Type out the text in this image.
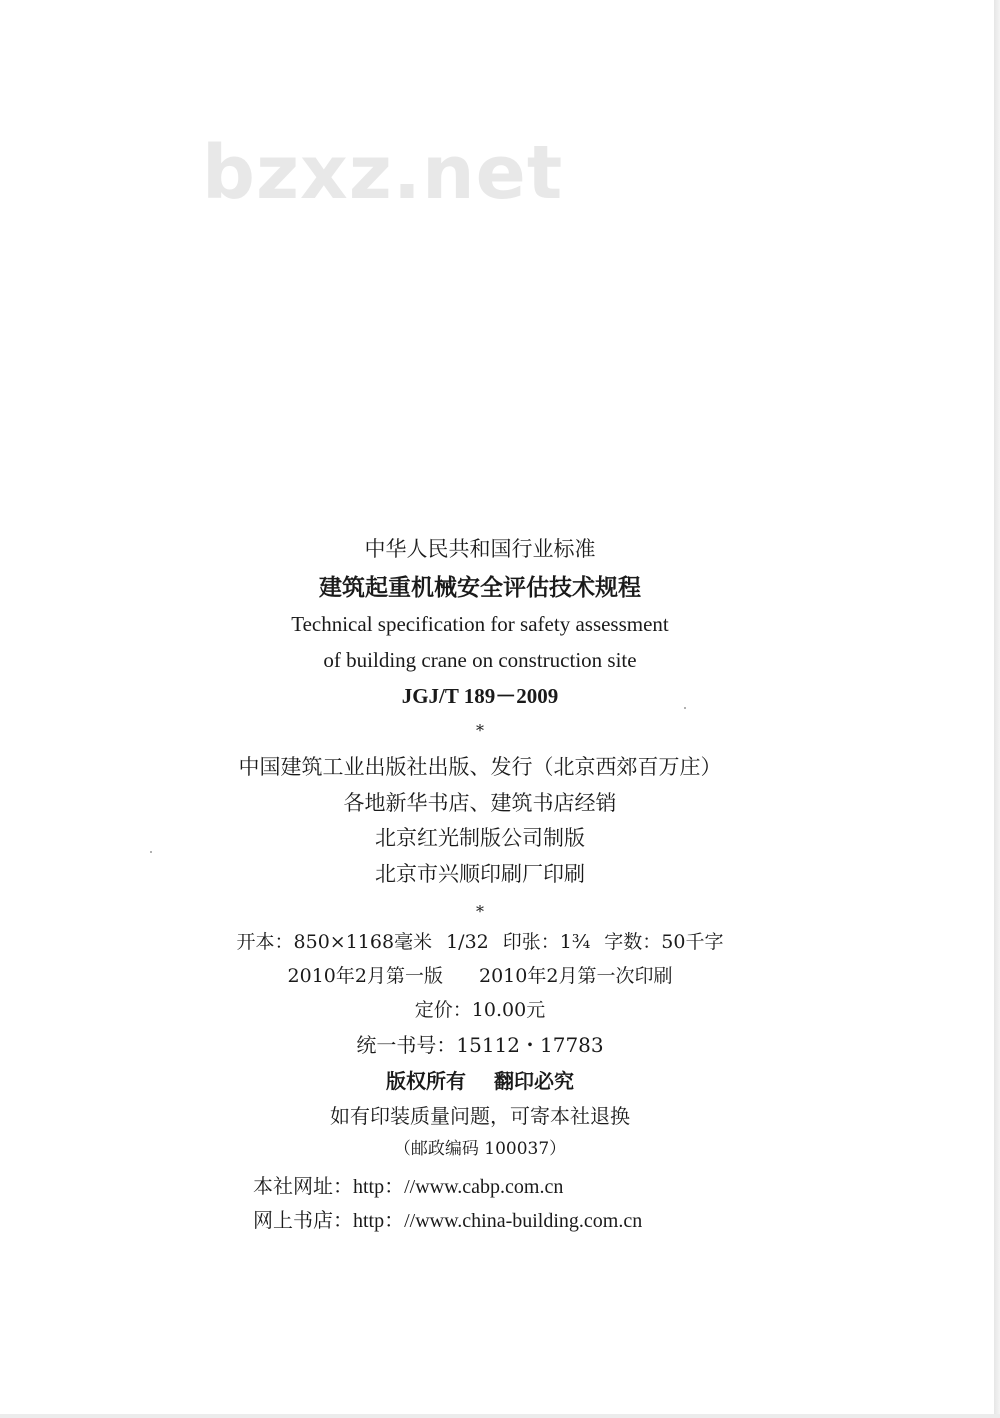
bzxz.net
中华人民共和国行业标准
建筑起重机械安全评估技术规程
Technical specification for safety assessment
of building crane on construction site
JGJ/T 189－2009
*
中国建筑工业出版社出版、发行（北京西郊百万庄）
各地新华书店、建筑书店经销
北京红光制版公司制版
北京市兴顺印刷厂印刷
*
开本：850×1168毫米 1/32 印张：1¾ 字数：50千字
2010年2月第一版 2010年2月第一次印刷
定价：10.00元
统一书号：15112・17783
版权所有 翻印必究
如有印装质量问题，可寄本社退换
（邮政编码 100037）
本社网址：http：//www.cabp.com.cn
网上书店：http：//www.china-building.com.cn
